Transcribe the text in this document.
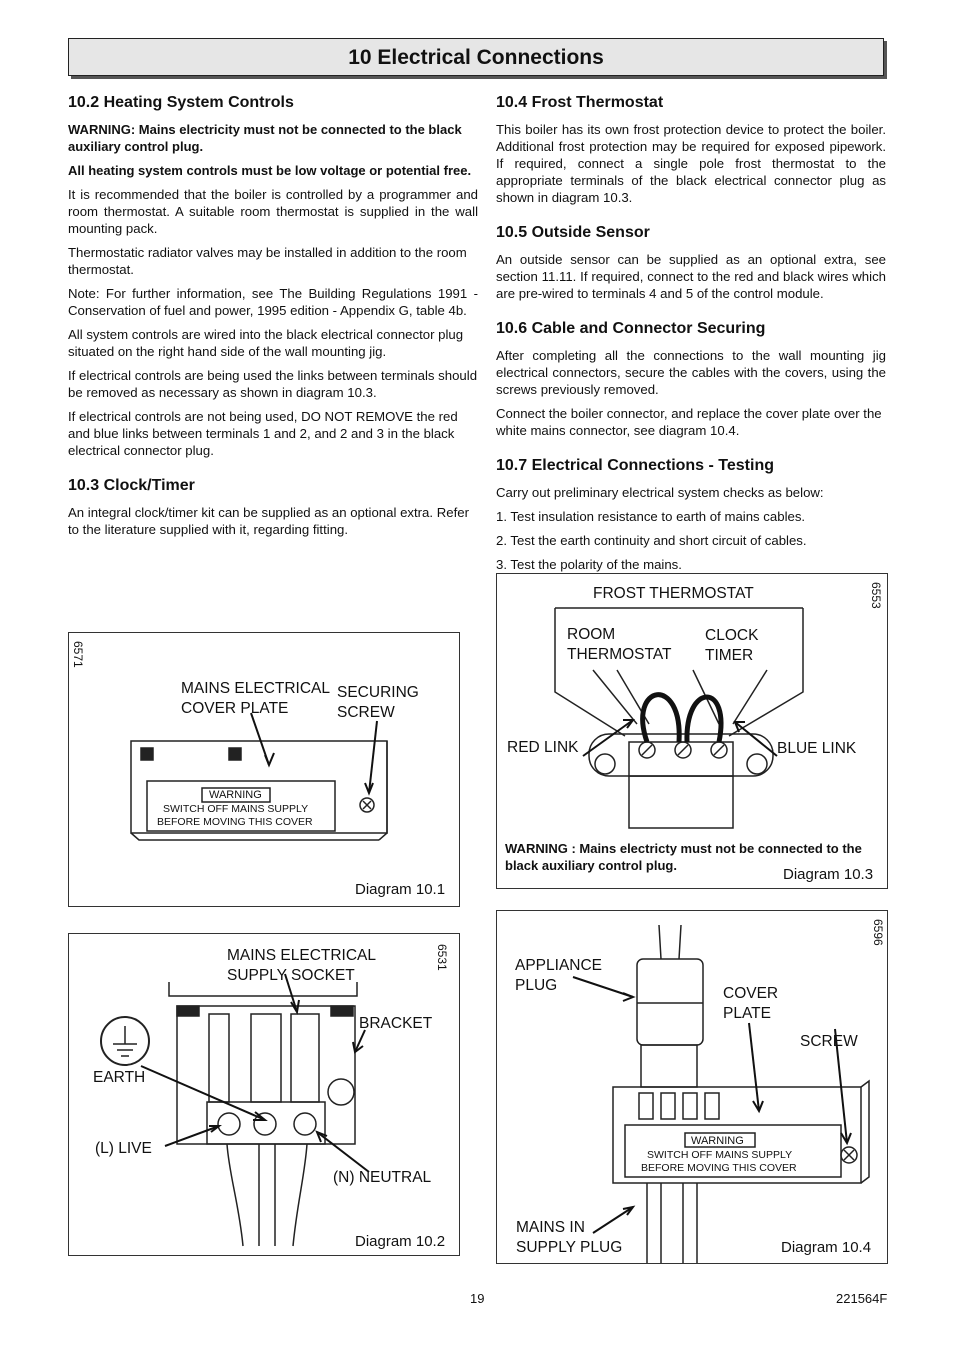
10 Electrical Connections
10.2 Heating System Controls

WARNING: Mains electricity must not be connected to the black auxiliary control plug.

All heating system controls must be low voltage or potential free.

It is recommended that the boiler is controlled by a programmer and room thermostat. A suitable room thermostat is supplied in the wall mounting pack.

Thermostatic radiator valves may be installed in addition to the room thermostat.

Note: For further information, see The Building Regulations 1991 - Conservation of fuel and power, 1995 edition - Appendix G, table 4b.

All system controls are wired into the black electrical connector plug situated on the right hand side of the wall mounting jig.

If electrical controls are being used the links between terminals should be removed as necessary as shown in diagram 10.3.

If electrical controls are not being used, DO NOT REMOVE the red and blue links between terminals 1 and 2, and 2 and 3 in the black electrical connector plug.

10.3 Clock/Timer

An integral clock/timer kit can be supplied as an optional extra. Refer to the literature supplied with it, regarding fitting.

10.4 Frost Thermostat

This boiler has its own frost protection device to protect the boiler. Additional frost protection may be required for exposed pipework. If required, connect a single pole frost thermostat to the appropriate terminals of the black electrical connector plug as shown in diagram 10.3.

10.5 Outside Sensor

An outside sensor can be supplied as an optional extra, see section 11.11. If required, connect to the red and black wires which are pre-wired to terminals 4 and 5 of the control module.

10.6 Cable and Connector Securing

After completing all the connections to the wall mounting jig electrical connectors, secure the cables with the covers, using the screws previously removed.

Connect the boiler connector, and replace the cover plate over the white mains connector, see diagram 10.4.

10.7 Electrical Connections - Testing

Carry out preliminary electrical system checks as below:

1. Test insulation resistance to earth of mains cables.

2. Test the earth continuity and short circuit of cables.

3. Test the polarity of the mains.

6571
MAINS ELECTRICAL
COVER PLATE
SECURING
SCREW
WARNING
SWITCH OFF MAINS SUPPLY
BEFORE MOVING THIS COVER
Diagram 10.1
6531
MAINS ELECTRICAL
SUPPLY SOCKET
BRACKET
EARTH
(L) LIVE
(N) NEUTRAL
Diagram 10.2
6553
FROST THERMOSTAT
ROOM
THERMOSTAT
CLOCK
TIMER
RED LINK	BLUE LINK
WARNING : Mains electricty must not be connected to the black auxiliary control plug.
Diagram 10.3
6596
APPLIANCE
PLUG	COVER
PLATE
SCREW
WARNING
SWITCH OFF MAINS SUPPLY
BEFORE MOVING THIS COVER
MAINS IN
SUPPLY PLUG	Diagram 10.4
19	221564F
